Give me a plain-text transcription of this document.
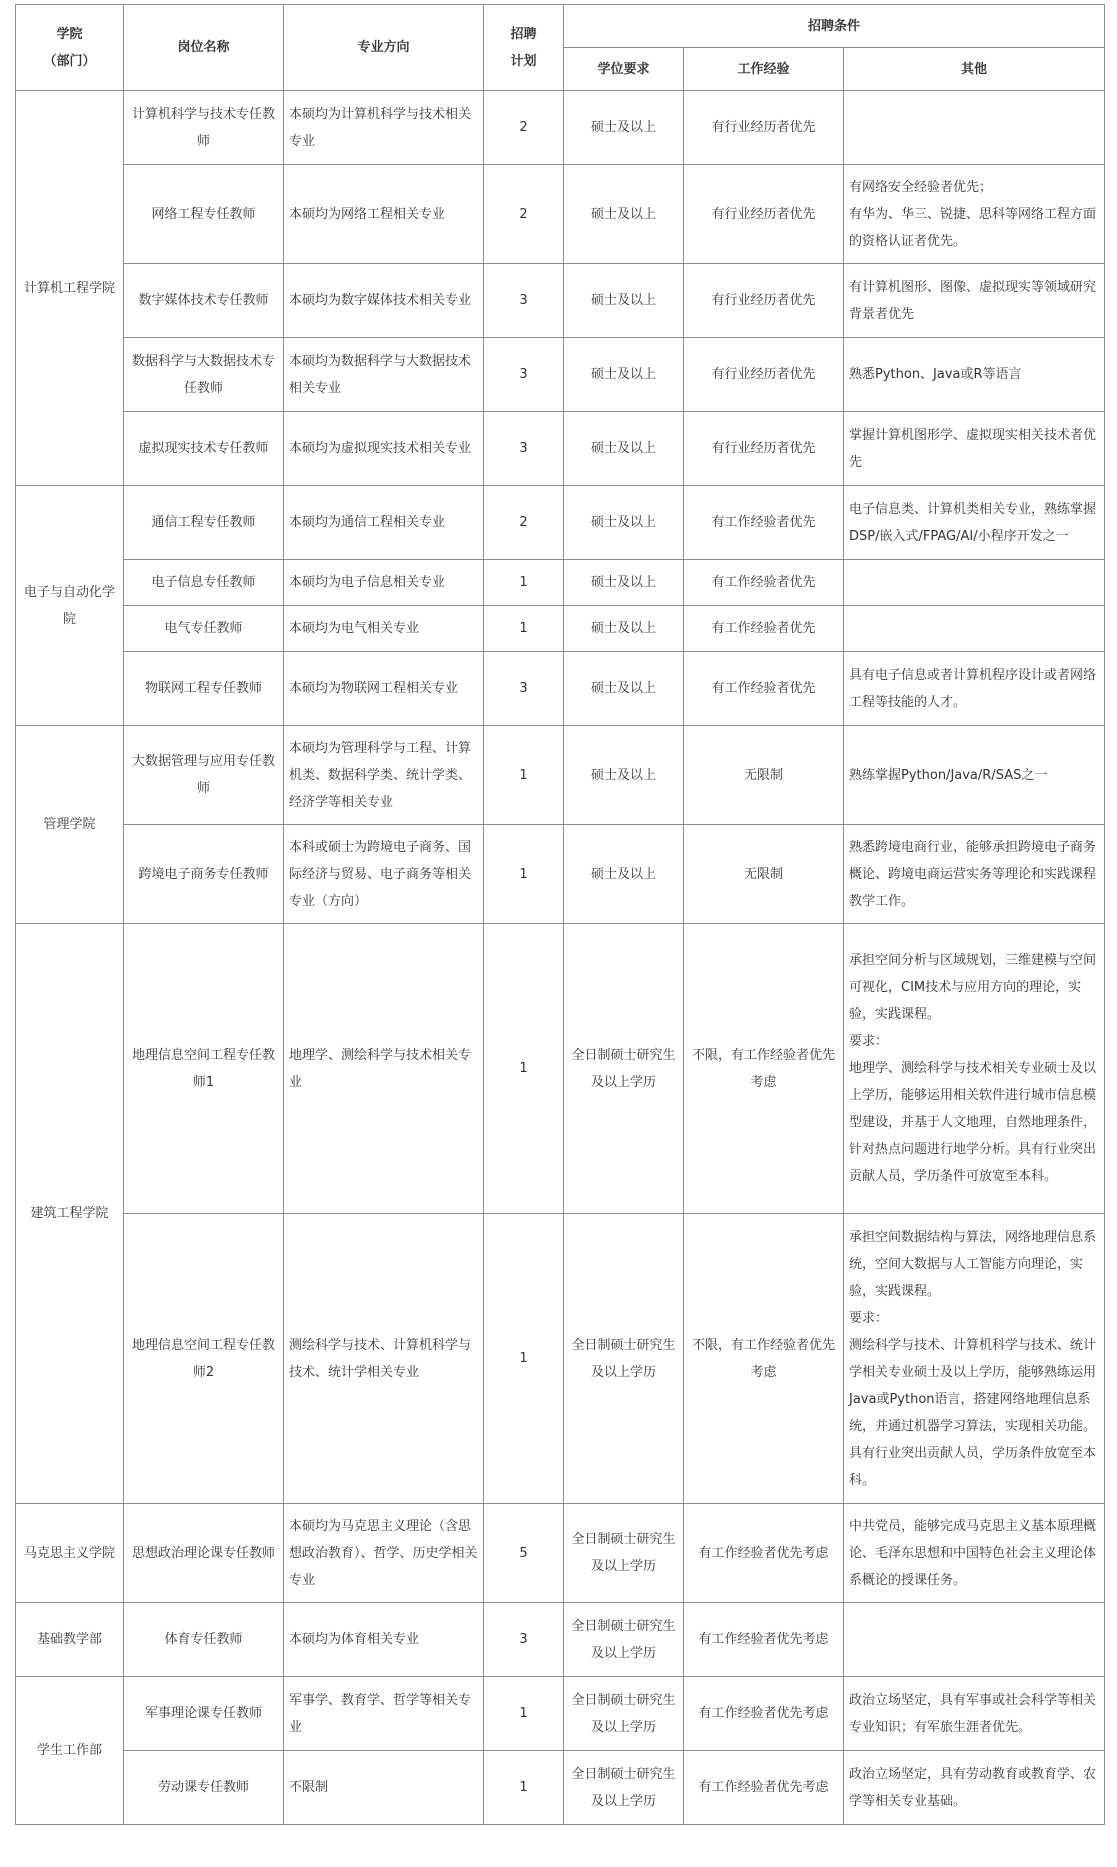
学院
（部门）	岗位名称	专业方向	招聘
计划	招聘条件		
				学位要求	工作经验	其他
计算机工程学院	计算机科学与技术专任教师	本硕均为计算机科学与技术相关专业	2	硕士及以上	有行业经历者优先	
	网络工程专任教师	本硕均为网络工程相关专业	2	硕士及以上	有行业经历者优先	有网络安全经验者优先；
有华为、华三、锐捷、思科等网络工程方面的资格认证者优先。
	数字媒体技术专任教师	本硕均为数字媒体技术相关专业	3	硕士及以上	有行业经历者优先	有计算机图形、图像、虚拟现实等领域研究背景者优先
	数据科学与大数据技术专任教师	本硕均为数据科学与大数据技术相关专业	3	硕士及以上	有行业经历者优先	熟悉Python、Java或R等语言
	虚拟现实技术专任教师	本硕均为虚拟现实技术相关专业	3	硕士及以上	有行业经历者优先	掌握计算机图形学、虚拟现实相关技术者优先
电子与自动化学院	通信工程专任教师	本硕均为通信工程相关专业	2	硕士及以上	有工作经验者优先	电子信息类、计算机类相关专业，熟练掌握DSP/嵌入式/FPAG/AI/小程序开发之一
	电子信息专任教师	本硕均为电子信息相关专业	1	硕士及以上	有工作经验者优先	
	电气专任教师	本硕均为电气相关专业	1	硕士及以上	有工作经验者优先	
	物联网工程专任教师	本硕均为物联网工程相关专业	3	硕士及以上	有工作经验者优先	具有电子信息或者计算机程序设计或者网络工程等技能的人才。
管理学院	大数据管理与应用专任教师	本硕均为管理科学与工程、计算机类、数据科学类、统计学类、经济学等相关专业	1	硕士及以上	无限制	熟练掌握Python/Java/R/SAS之一
	跨境电子商务专任教师	本科或硕士为跨境电子商务、国际经济与贸易、电子商务等相关专业（方向）	1	硕士及以上	无限制	熟悉跨境电商行业，能够承担跨境电子商务概论、跨境电商运营实务等理论和实践课程教学工作。
建筑工程学院	地理信息空间工程专任教师1	地理学、测绘科学与技术相关专业	1	全日制硕士研究生及以上学历	不限，有工作经验者优先考虑	承担空间分析与区域规划，三维建模与空间可视化，CIM技术与应用方向的理论，实验，实践课程。
要求：
地理学、测绘科学与技术相关专业硕士及以上学历，能够运用相关软件进行城市信息模型建设，并基于人文地理，自然地理条件，针对热点问题进行地学分析。具有行业突出贡献人员，学历条件可放宽至本科。
	地理信息空间工程专任教师2	测绘科学与技术、计算机科学与技术、统计学相关专业	1	全日制硕士研究生及以上学历	不限，有工作经验者优先考虑	承担空间数据结构与算法，网络地理信息系统，空间大数据与人工智能方向理论，实验，实践课程。
要求：
测绘科学与技术、计算机科学与技术、统计学相关专业硕士及以上学历，能够熟练运用Java或Python语言，搭建网络地理信息系统，并通过机器学习算法，实现相关功能。具有行业突出贡献人员，学历条件放宽至本科。
马克思主义学院	思想政治理论课专任教师	本硕均为马克思主义理论（含思想政治教育）、哲学、历史学相关专业	5	全日制硕士研究生及以上学历	有工作经验者优先考虑	中共党员，能够完成马克思主义基本原理概论、毛泽东思想和中国特色社会主义理论体系概论的授课任务。
基础教学部	体育专任教师	本硕均为体育相关专业	3	全日制硕士研究生及以上学历	有工作经验者优先考虑	
学生工作部	军事理论课专任教师	军事学、教育学、哲学等相关专业	1	全日制硕士研究生及以上学历	有工作经验者优先考虑	政治立场坚定，具有军事或社会科学等相关专业知识；有军旅生涯者优先。
	劳动课专任教师	不限制	1	全日制硕士研究生及以上学历	有工作经验者优先考虑	政治立场坚定，具有劳动教育或教育学、农学等相关专业基础。
